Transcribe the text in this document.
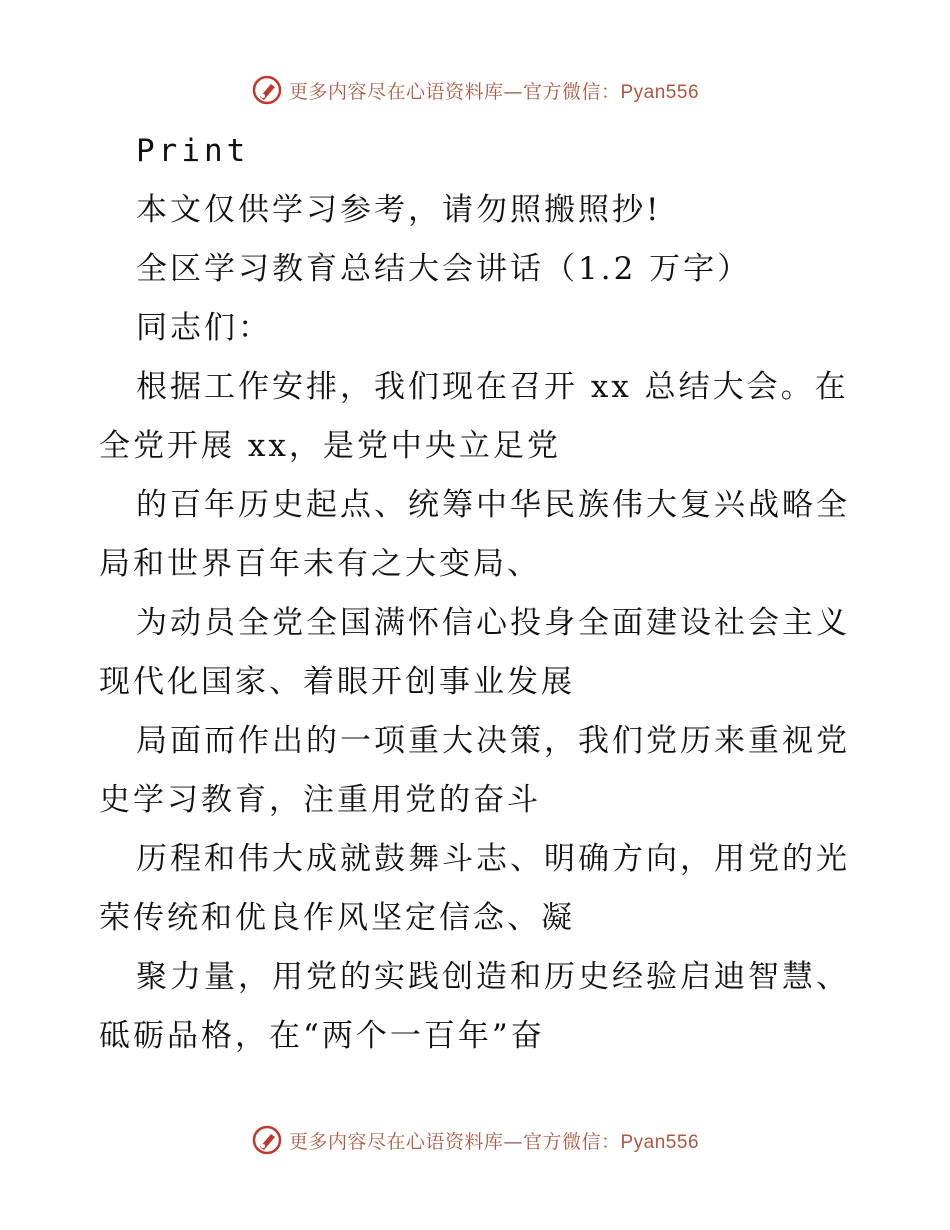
更多内容尽在心语资料库—官方微信：Pyan556
Print
本文仅供学习参考，请勿照搬照抄!
全区学习教育总结大会讲话（1.2 万字）
同志们：
根据工作安排，我们现在召开 xx 总结大会。在
全党开展 xx，是党中央立足党
的百年历史起点、统筹中华民族伟大复兴战略全
局和世界百年未有之大变局、
为动员全党全国满怀信心投身全面建设社会主义
现代化国家、着眼开创事业发展
局面而作出的一项重大决策，我们党历来重视党
史学习教育，注重用党的奋斗
历程和伟大成就鼓舞斗志、明确方向，用党的光
荣传统和优良作风坚定信念、凝
聚力量，用党的实践创造和历史经验启迪智慧、
砥砺品格，在“两个一百年”奋
更多内容尽在心语资料库—官方微信：Pyan556
